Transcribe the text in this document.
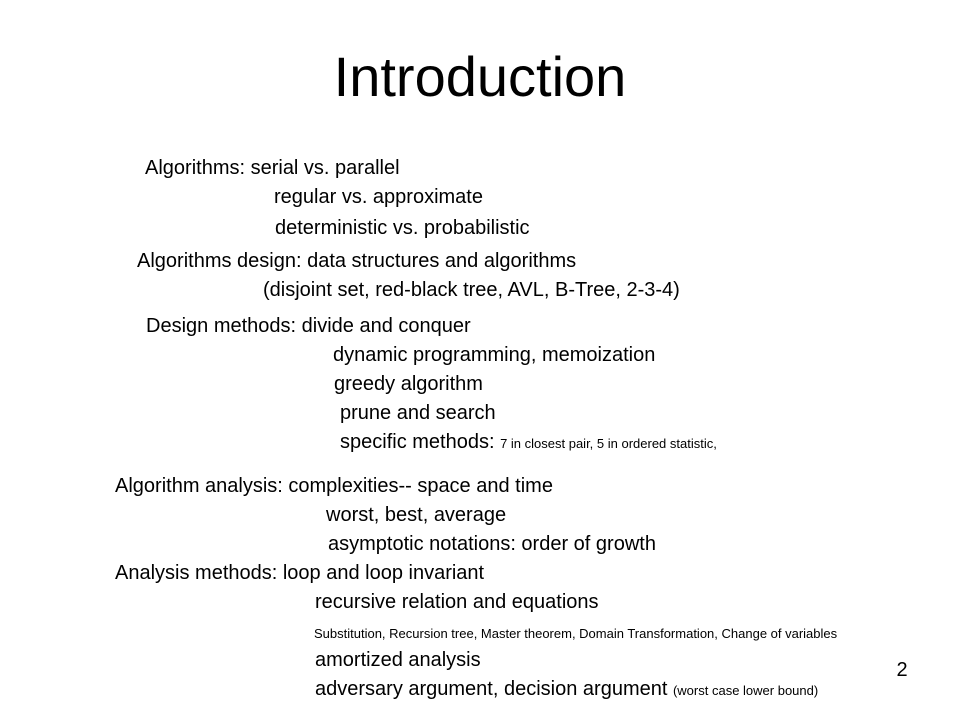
Introduction
Algorithms: serial vs. parallel
regular vs. approximate
deterministic vs. probabilistic
Algorithms design: data structures and algorithms
(disjoint set, red-black tree, AVL, B-Tree, 2-3-4)
Design methods: divide and conquer
dynamic programming, memoization
greedy algorithm
prune and search
specific methods: 7 in closest pair, 5 in ordered statistic,
Algorithm analysis: complexities-- space and time
worst, best, average
asymptotic notations: order of growth
Analysis methods: loop and loop invariant
recursive relation and equations
Substitution, Recursion tree, Master theorem, Domain Transformation, Change of variables
amortized analysis
adversary argument, decision argument (worst case lower bound)
2
